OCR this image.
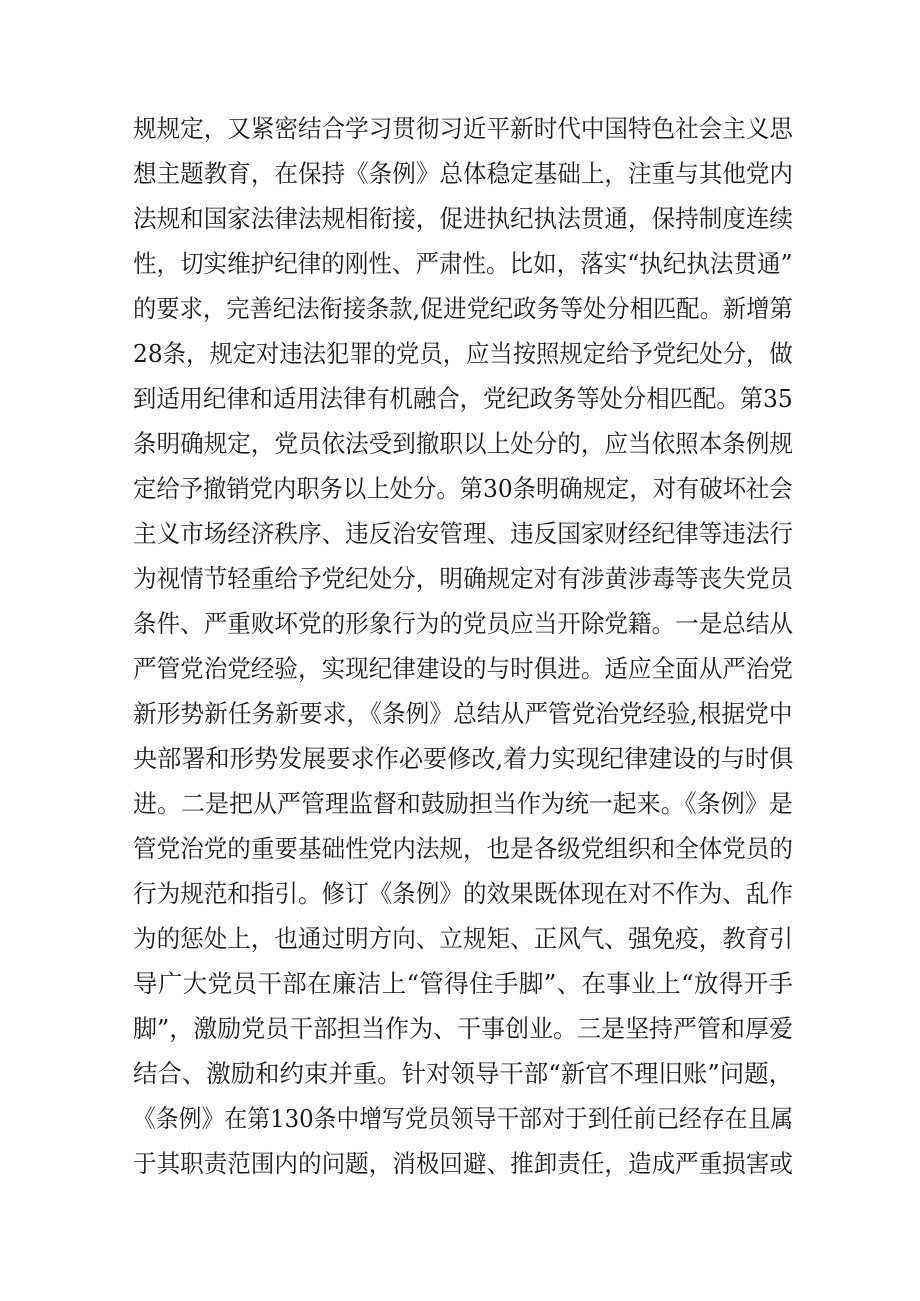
规规定，又紧密结合学习贯彻习近平新时代中国特色社会主义思
想主题教育，在保持《条例》总体稳定基础上，注重与其他党内
法规和国家法律法规相衔接，促进执纪执法贯通，保持制度连续
性，切实维护纪律的刚性、严肃性。比如，落实“执纪执法贯通”
的要求，完善纪法衔接条款,促进党纪政务等处分相匹配。新增第
28条，规定对违法犯罪的党员，应当按照规定给予党纪处分，做
到适用纪律和适用法律有机融合，党纪政务等处分相匹配。第35
条明确规定，党员依法受到撤职以上处分的，应当依照本条例规
定给予撤销党内职务以上处分。第30条明确规定，对有破坏社会
主义市场经济秩序、违反治安管理、违反国家财经纪律等违法行
为视情节轻重给予党纪处分，明确规定对有涉黄涉毒等丧失党员
条件、严重败坏党的形象行为的党员应当开除党籍。一是总结从
严管党治党经验，实现纪律建设的与时俱进。适应全面从严治党
新形势新任务新要求，《条例》总结从严管党治党经验,根据党中
央部署和形势发展要求作必要修改,着力实现纪律建设的与时俱
进。二是把从严管理监督和鼓励担当作为统一起来。《条例》是
管党治党的重要基础性党内法规，也是各级党组织和全体党员的
行为规范和指引。修订《条例》的效果既体现在对不作为、乱作
为的惩处上，也通过明方向、立规矩、正风气、强免疫，教育引
导广大党员干部在廉洁上“管得住手脚”、在事业上“放得开手
脚”，激励党员干部担当作为、干事创业。三是坚持严管和厚爱
结合、激励和约束并重。针对领导干部“新官不理旧账”问题，
《条例》在第130条中增写党员领导干部对于到任前已经存在且属
于其职责范围内的问题，消极回避、推卸责任，造成严重损害或
